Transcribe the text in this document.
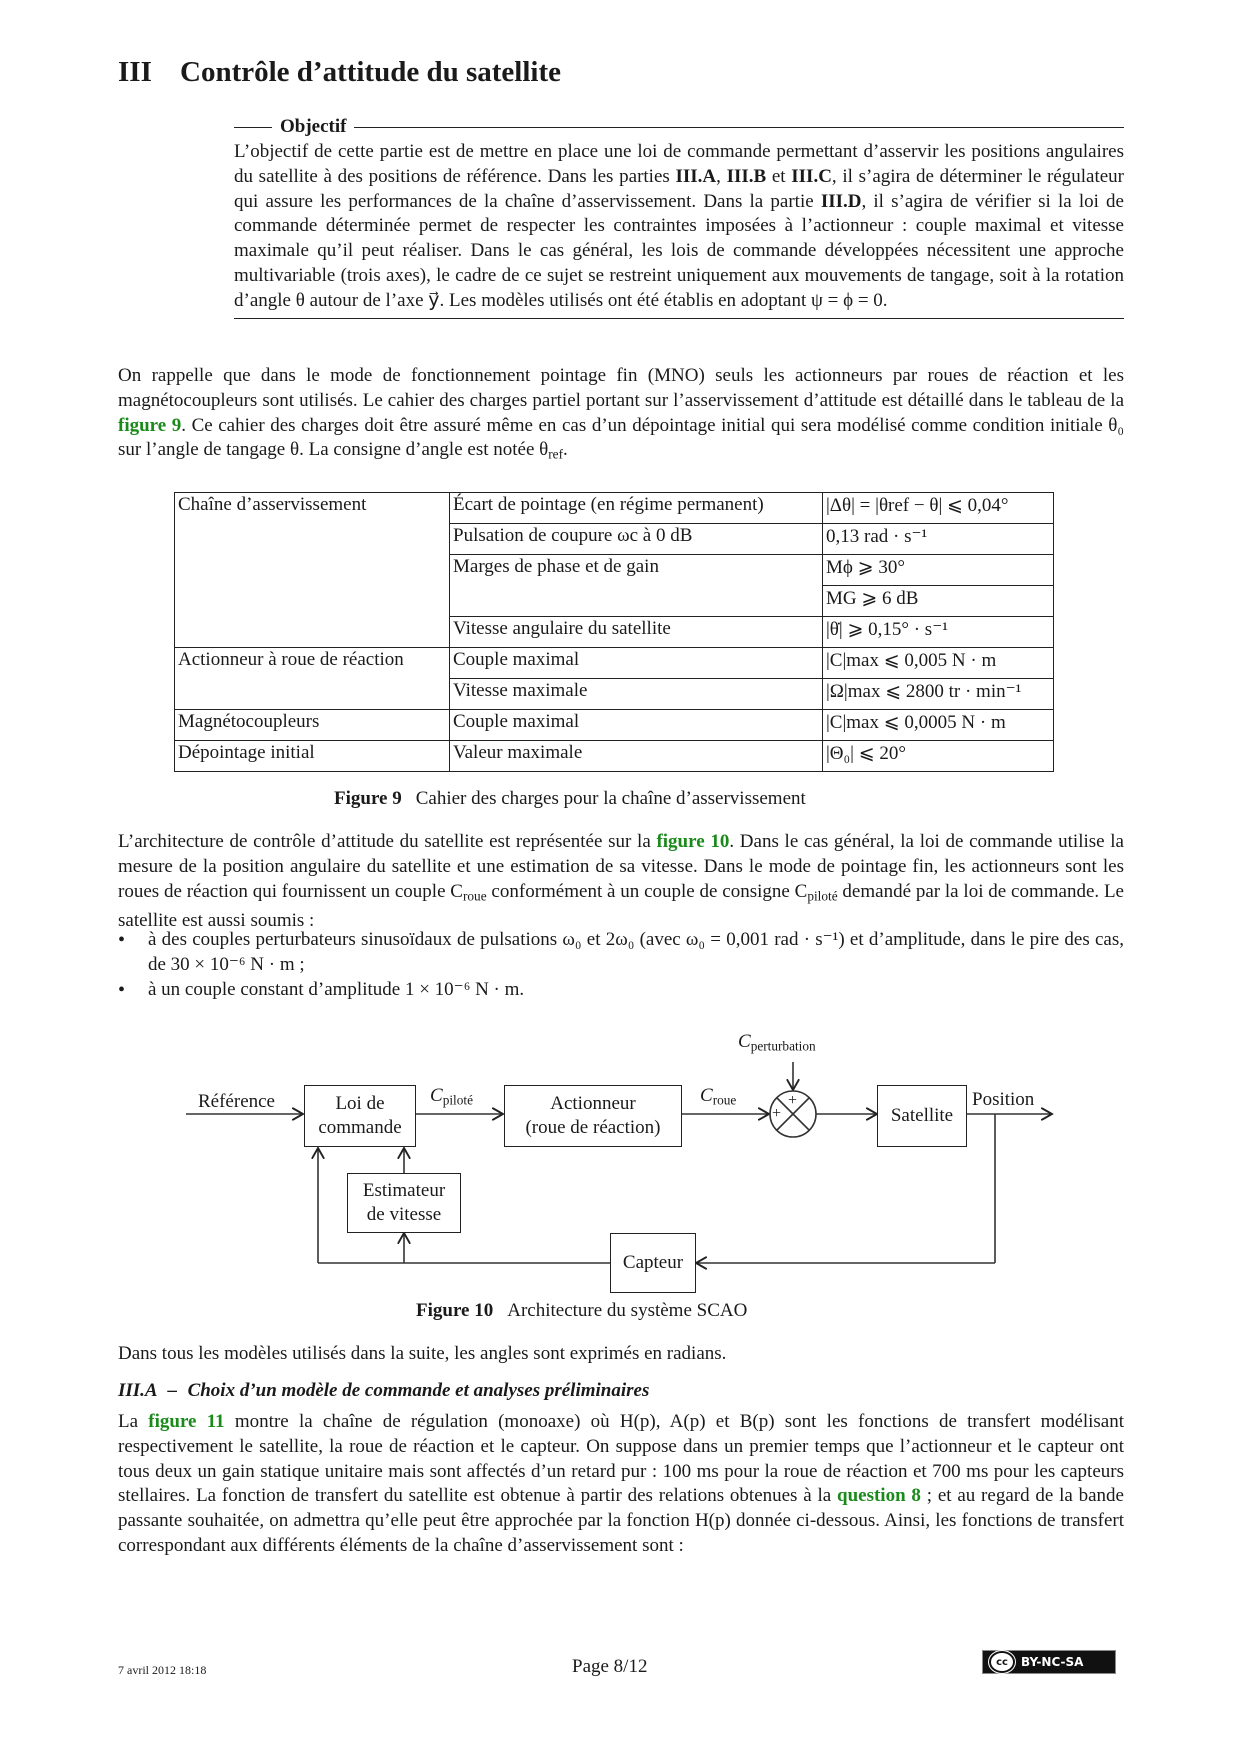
III Contrôle d’attitude du satellite
Objectif
L’objectif de cette partie est de mettre en place une loi de commande permettant d’asservir les positions angulaires du satellite à des positions de référence. Dans les parties III.A, III.B et III.C, il s’agira de déterminer le régulateur qui assure les performances de la chaîne d’asservissement. Dans la partie III.D, il s’agira de vérifier si la loi de commande déterminée permet de respecter les contraintes imposées à l’actionneur : couple maximal et vitesse maximale qu’il peut réaliser. Dans le cas général, les lois de commande développées nécessitent une approche multivariable (trois axes), le cadre de ce sujet se restreint uniquement aux mouvements de tangage, soit à la rotation d’angle θ autour de l’axe y⃗. Les modèles utilisés ont été établis en adoptant ψ = ϕ = 0.

On rappelle que dans le mode de fonctionnement pointage fin (MNO) seuls les actionneurs par roues de réaction et les magnétocoupleurs sont utilisés. Le cahier des charges partiel portant sur l’asservissement d’attitude est détaillé dans le tableau de la figure 9. Ce cahier des charges doit être assuré même en cas d’un dépointage initial qui sera modélisé comme condition initiale θ₀ sur l’angle de tangage θ. La consigne d’angle est notée $\theta_{ref}$.

Chaîne d’asservissement	Écart de pointage (en régime permanent)	|Δθ| = |θref − θ| ⩽ 0,04°
	Pulsation de coupure ωc à 0 dB	0,13 rad · s⁻¹
	Marges de phase et de gain	Mϕ ⩾ 30°
		MG ⩾ 6 dB
	Vitesse angulaire du satellite	|θ̇| ⩾ 0,15° · s⁻¹
Actionneur à roue de réaction	Couple maximal	|C|max ⩽ 0,005 N · m
	Vitesse maximale	|Ω|max ⩽ 2800 tr · min⁻¹
Magnétocoupleurs	Couple maximal	|C|max ⩽ 0,0005 N · m
Dépointage initial	Valeur maximale	|Θ₀| ⩽ 20°
Figure 9 Cahier des charges pour la chaîne d’asservissement

L’architecture de contrôle d’attitude du satellite est représentée sur la figure 10. Dans le cas général, la loi de commande utilise la mesure de la position angulaire du satellite et une estimation de sa vitesse. Dans le mode de pointage fin, les actionneurs sont les roues de réaction qui fournissent un couple $C_{roue}$ conformément à un couple de consigne $C_{piloté}$ demandé par la loi de commande. Le satellite est aussi soumis :

• à des couples perturbateurs sinusoïdaux de pulsations ω₀ et 2ω₀ (avec ω₀ = 0,001 rad · s⁻¹) et d’amplitude, dans le pire des cas, de 30 × 10⁻⁶ N · m ;
• à un couple constant d’amplitude 1 × 10⁻⁶ N · m.
Référence	Loi de
commande
$C_{piloté}$	Actionneur
(roue de réaction)
$C_{roue}$
$C_{perturbation}$
+
+	Satellite
Position
Estimateur
de vitesse
Capteur
Figure 10 Architecture du système SCAO

Dans tous les modèles utilisés dans la suite, les angles sont exprimés en radians.

III.A – Choix d’un modèle de commande et analyses préliminaires

La figure 11 montre la chaîne de régulation (monoaxe) où H(p), A(p) et B(p) sont les fonctions de transfert modélisant respectivement le satellite, la roue de réaction et le capteur. On suppose dans un premier temps que l’actionneur et le capteur ont tous deux un gain statique unitaire mais sont affectés d’un retard pur : 100 ms pour la roue de réaction et 700 ms pour les capteurs stellaires. La fonction de transfert du satellite est obtenue à partir des relations obtenues à la question 8 ; et au regard de la bande passante souhaitée, on admettra qu’elle peut être approchée par la fonction H(p) donnée ci-dessous. Ainsi, les fonctions de transfert correspondant aux différents éléments de la chaîne d’asservissement sont :

7 avril 2012 18:18	Page 8/12	cc	BY-NC-SA
